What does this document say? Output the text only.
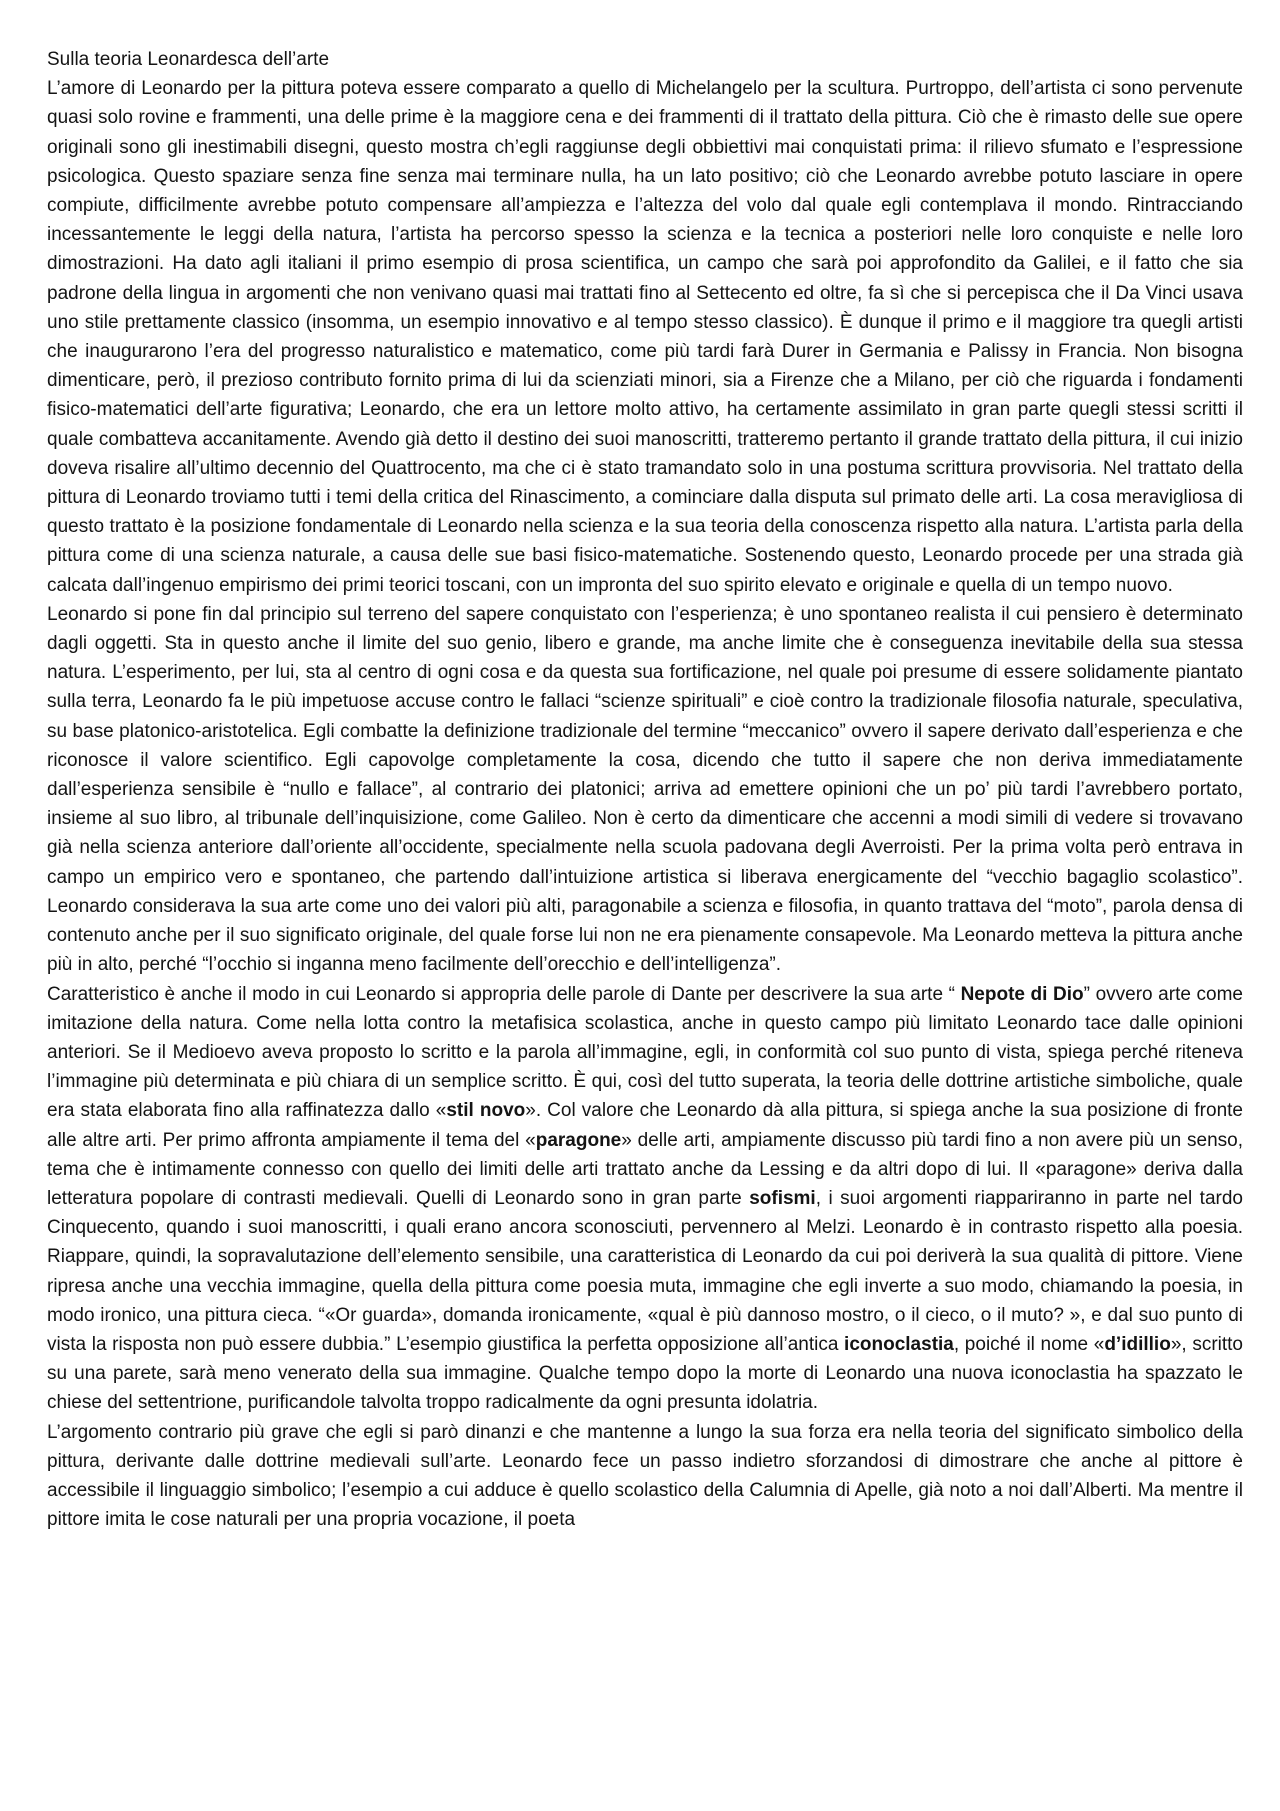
Sulla teoria Leonardesca dell’arte

L’amore di Leonardo per la pittura poteva essere comparato a quello di Michelangelo per la scultura. Purtroppo, dell’artista ci sono pervenute quasi solo rovine e frammenti, una delle prime è la maggiore cena e dei frammenti di il trattato della pittura. Ciò che è rimasto delle sue opere originali sono gli inestimabili disegni, questo mostra ch’egli raggiunse degli obbiettivi mai conquistati prima: il rilievo sfumato e l’espressione psicologica. Questo spaziare senza fine senza mai terminare nulla, ha un lato positivo; ciò che Leonardo avrebbe potuto lasciare in opere compiute, difficilmente avrebbe potuto compensare all’ampiezza e l’altezza del volo dal quale egli contemplava il mondo. Rintracciando incessantemente le leggi della natura, l’artista ha percorso spesso la scienza e la tecnica a posteriori nelle loro conquiste e nelle loro dimostrazioni. Ha dato agli italiani il primo esempio di prosa scientifica, un campo che sarà poi approfondito da Galilei, e il fatto che sia padrone della lingua in argomenti che non venivano quasi mai trattati fino al Settecento ed oltre, fa sì che si percepisca che il Da Vinci usava uno stile prettamente classico (insomma, un esempio innovativo e al tempo stesso classico). È dunque il primo e il maggiore tra quegli artisti che inaugurarono l’era del progresso naturalistico e matematico, come più tardi farà Durer in Germania e Palissy in Francia. Non bisogna dimenticare, però, il prezioso contributo fornito prima di lui da scienziati minori, sia a Firenze che a Milano, per ciò che riguarda i fondamenti fisico-matematici dell’arte figurativa; Leonardo, che era un lettore molto attivo, ha certamente assimilato in gran parte quegli stessi scritti il quale combatteva accanitamente. Avendo già detto il destino dei suoi manoscritti, tratteremo pertanto il grande trattato della pittura, il cui inizio doveva risalire all’ultimo decennio del Quattrocento, ma che ci è stato tramandato solo in una postuma scrittura provvisoria. Nel trattato della pittura di Leonardo troviamo tutti i temi della critica del Rinascimento, a cominciare dalla disputa sul primato delle arti. La cosa meravigliosa di questo trattato è la posizione fondamentale di Leonardo nella scienza e la sua teoria della conoscenza rispetto alla natura. L’artista parla della pittura come di una scienza naturale, a causa delle sue basi fisico-matematiche. Sostenendo questo, Leonardo procede per una strada già calcata dall’ingenuo empirismo dei primi teorici toscani, con un impronta del suo spirito elevato e originale e quella di un tempo nuovo.

Leonardo si pone fin dal principio sul terreno del sapere conquistato con l’esperienza; è uno spontaneo realista il cui pensiero è determinato dagli oggetti. Sta in questo anche il limite del suo genio, libero e grande, ma anche limite che è conseguenza inevitabile della sua stessa natura. L’esperimento, per lui, sta al centro di ogni cosa e da questa sua fortificazione, nel quale poi presume di essere solidamente piantato sulla terra, Leonardo fa le più impetuose accuse contro le fallaci “scienze spirituali” e cioè contro la tradizionale filosofia naturale, speculativa, su base platonico-aristotelica. Egli combatte la definizione tradizionale del termine “meccanico” ovvero il sapere derivato dall’esperienza e che riconosce il valore scientifico. Egli capovolge completamente la cosa, dicendo che tutto il sapere che non deriva immediatamente dall’esperienza sensibile è “nullo e fallace”, al contrario dei platonici; arriva ad emettere opinioni che un po’ più tardi l’avrebbero portato, insieme al suo libro, al tribunale dell’inquisizione, come Galileo. Non è certo da dimenticare che accenni a modi simili di vedere si trovavano già nella scienza anteriore dall’oriente all’occidente, specialmente nella scuola padovana degli Averroisti. Per la prima volta però entrava in campo un empirico vero e spontaneo, che partendo dall’intuizione artistica si liberava energicamente del “vecchio bagaglio scolastico”. Leonardo considerava la sua arte come uno dei valori più alti, paragonabile a scienza e filosofia, in quanto trattava del “moto”, parola densa di contenuto anche per il suo significato originale, del quale forse lui non ne era pienamente consapevole. Ma Leonardo metteva la pittura anche più in alto, perché “l’occhio si inganna meno facilmente dell’orecchio e dell’intelligenza”.

Caratteristico è anche il modo in cui Leonardo si appropria delle parole di Dante per descrivere la sua arte “ Nepote di Dio” ovvero arte come imitazione della natura. Come nella lotta contro la metafisica scolastica, anche in questo campo più limitato Leonardo tace dalle opinioni anteriori. Se il Medioevo aveva proposto lo scritto e la parola all’immagine, egli, in conformità col suo punto di vista, spiega perché riteneva l’immagine più determinata e più chiara di un semplice scritto. È qui, così del tutto superata, la teoria delle dottrine artistiche simboliche, quale era stata elaborata fino alla raffinatezza dallo «stil novo». Col valore che Leonardo dà alla pittura, si spiega anche la sua posizione di fronte alle altre arti. Per primo affronta ampiamente il tema del «paragone» delle arti, ampiamente discusso più tardi fino a non avere più un senso, tema che è intimamente connesso con quello dei limiti delle arti trattato anche da Lessing e da altri dopo di lui. Il «paragone» deriva dalla letteratura popolare di contrasti medievali. Quelli di Leonardo sono in gran parte sofismi, i suoi argomenti riappariranno in parte nel tardo Cinquecento, quando i suoi manoscritti, i quali erano ancora sconosciuti, pervennero al Melzi. Leonardo è in contrasto rispetto alla poesia. Riappare, quindi, la sopravalutazione dell’elemento sensibile, una caratteristica di Leonardo da cui poi deriverà la sua qualità di pittore. Viene ripresa anche una vecchia immagine, quella della pittura come poesia muta, immagine che egli inverte a suo modo, chiamando la poesia, in modo ironico, una pittura cieca. “«Or guarda», domanda ironicamente, «qual è più dannoso mostro, o il cieco, o il muto? », e dal suo punto di vista la risposta non può essere dubbia.” L’esempio giustifica la perfetta opposizione all’antica iconoclastia, poiché il nome «d’idillio», scritto su una parete, sarà meno venerato della sua immagine. Qualche tempo dopo la morte di Leonardo una nuova iconoclastia ha spazzato le chiese del settentrione, purificandole talvolta troppo radicalmente da ogni presunta idolatria.

L’argomento contrario più grave che egli si parò dinanzi e che mantenne a lungo la sua forza era nella teoria del significato simbolico della pittura, derivante dalle dottrine medievali sull’arte. Leonardo fece un passo indietro sforzandosi di dimostrare che anche al pittore è accessibile il linguaggio simbolico; l’esempio a cui adduce è quello scolastico della Calumnia di Apelle, già noto a noi dall’Alberti. Ma mentre il pittore imita le cose naturali per una propria vocazione, il poeta
